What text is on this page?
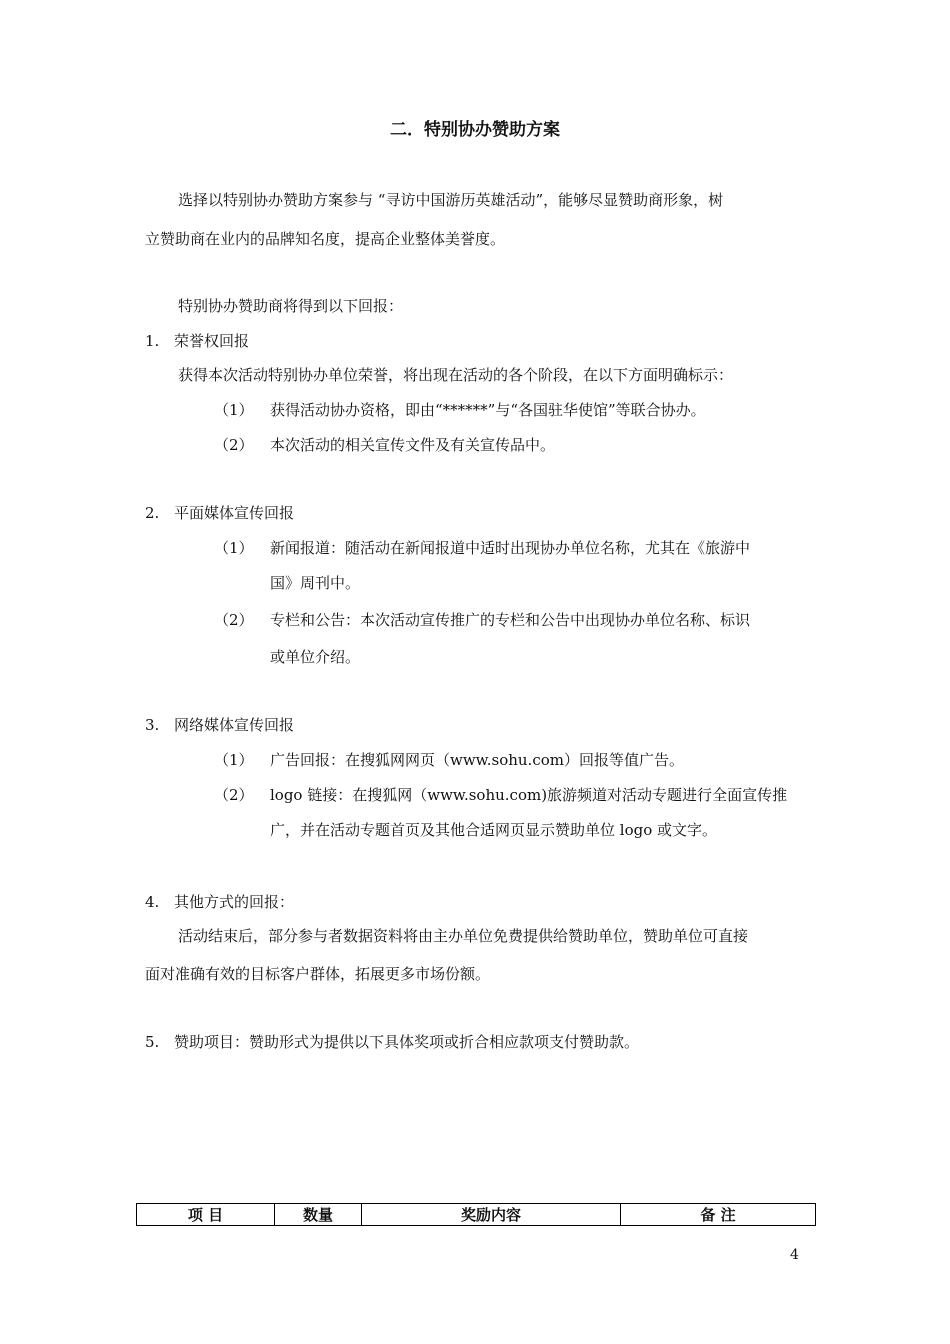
二．特别协办赞助方案
选择以特别协办赞助方案参与 “寻访中国游历英雄活动”，能够尽显赞助商形象，树
立赞助商在业内的品牌知名度，提高企业整体美誉度。
特别协办赞助商将得到以下回报：
1. 荣誉权回报
获得本次活动特别协办单位荣誉，将出现在活动的各个阶段，在以下方面明确标示：
（1） 获得活动协办资格，即由“******”与“各国驻华使馆”等联合协办。
（2） 本次活动的相关宣传文件及有关宣传品中。
2. 平面媒体宣传回报
（1） 新闻报道：随活动在新闻报道中适时出现协办单位名称，尤其在《旅游中
国》周刊中。
（2） 专栏和公告：本次活动宣传推广的专栏和公告中出现协办单位名称、标识
或单位介绍。
3. 网络媒体宣传回报
（1） 广告回报：在搜狐网网页（www.sohu.com）回报等值广告。
（2） logo 链接：在搜狐网（www.sohu.com)旅游频道对活动专题进行全面宣传推
广，并在活动专题首页及其他合适网页显示赞助单位 logo 或文字。
4. 其他方式的回报：
活动结束后，部分参与者数据资料将由主办单位免费提供给赞助单位，赞助单位可直接
面对准确有效的目标客户群体，拓展更多市场份额。
5. 赞助项目：赞助形式为提供以下具体奖项或折合相应款项支付赞助款。
项 目	数量	奖励内容	备 注
4
